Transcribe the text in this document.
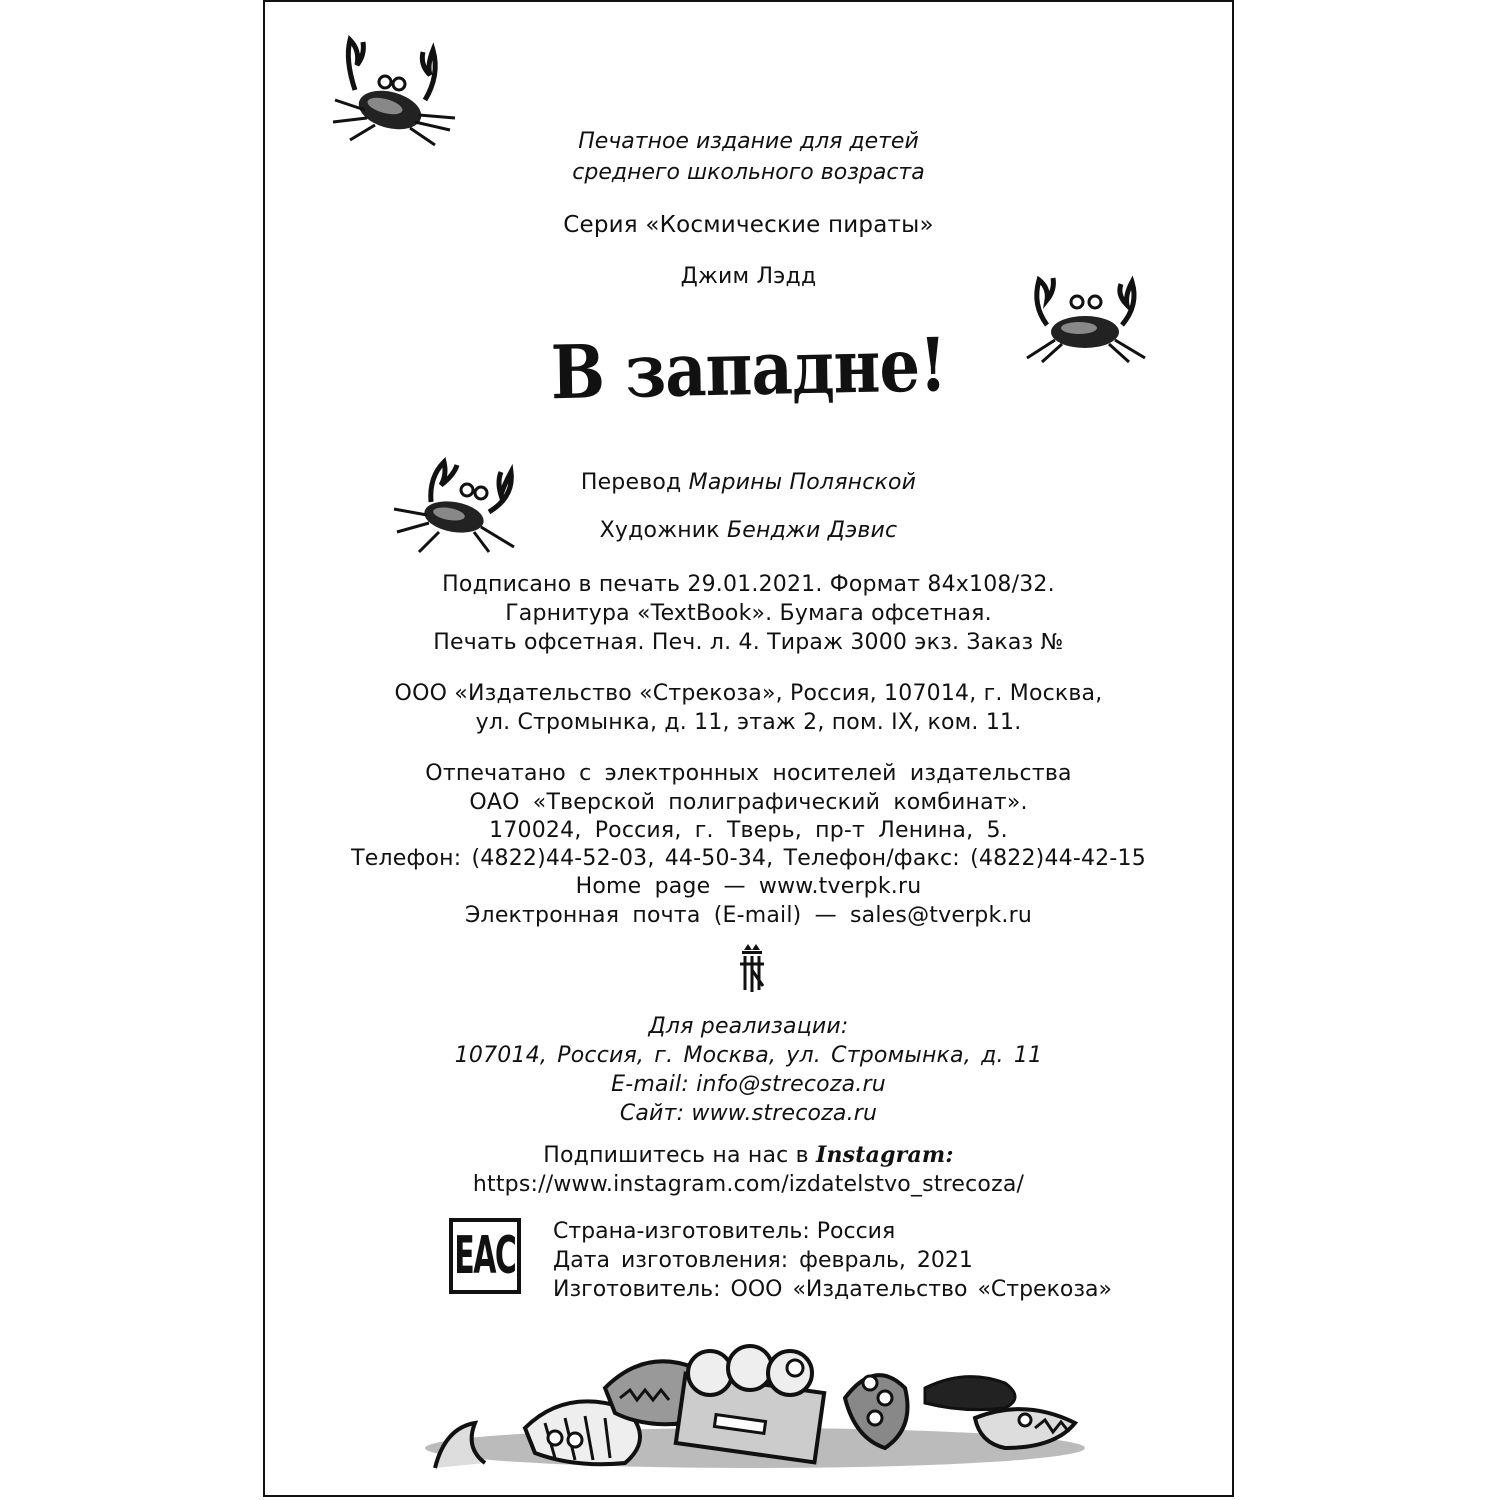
Печатное издание для детей
среднего школьного возраста
Серия «Космические пираты»
Джим Лэдд
В западне!
Перевод Марины Полянской
Художник Бенджи Дэвис
Подписано в печать 29.01.2021. Формат 84х108/32.
Гарнитура «TextBook». Бумага офсетная.
Печать офсетная. Печ. л. 4. Тираж 3000 экз. Заказ №
ООО «Издательство «Стрекоза», Россия, 107014, г. Москва,
ул. Стромынка, д. 11, этаж 2, пом. IX, ком. 11.
Отпечатано с электронных носителей издательства
ОАО «Тверской полиграфический комбинат».
170024, Россия, г. Тверь, пр-т Ленина, 5.
Телефон: (4822)44-52-03, 44-50-34, Телефон/факс: (4822)44-42-15
Home page — www.tverpk.ru
Электронная почта (E-mail) — sales@tverpk.ru
Для реализации:
107014, Россия, г. Москва, ул. Стромынка, д. 11
E-mail: info@strecoza.ru
Сайт: www.strecoza.ru
Подпишитесь на нас в Instagram:
https://www.instagram.com/izdatelstvo_strecoza/
EAC Страна-изготовитель: Россия
Дата изготовления: февраль, 2021
Изготовитель: ООО «Издательство «Стрекоза»
